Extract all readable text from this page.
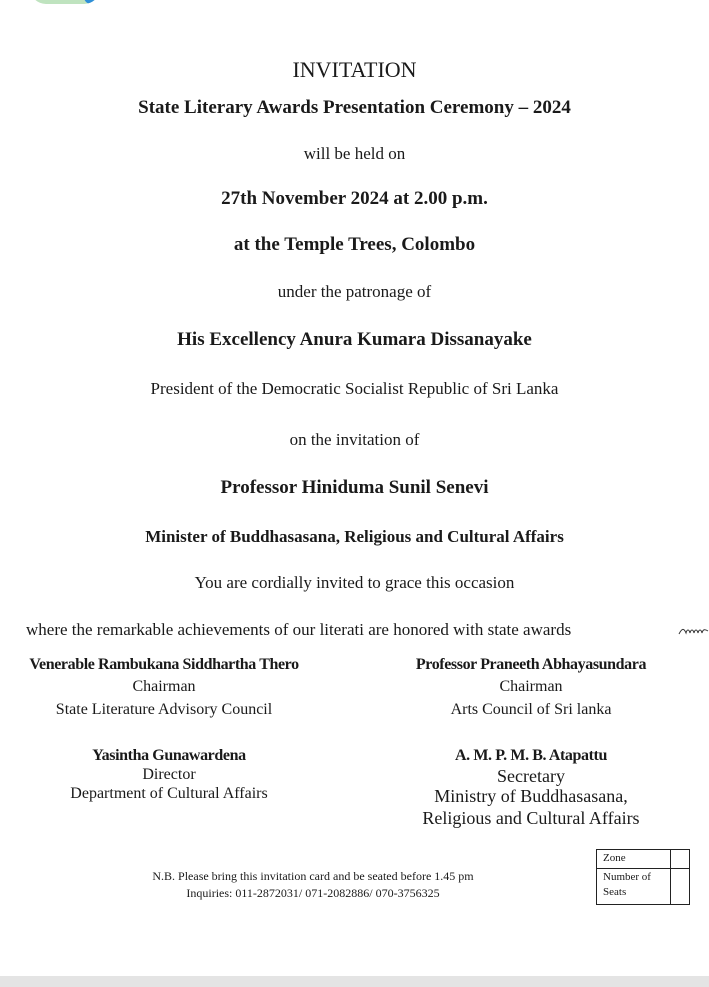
INVITATION
State Literary Awards Presentation Ceremony – 2024
will be held on
27th November 2024 at 2.00 p.m.
at the Temple Trees, Colombo
under the patronage of
His Excellency Anura Kumara Dissanayake
President of the Democratic Socialist Republic of Sri Lanka
on the invitation of
Professor Hiniduma Sunil Senevi
Minister of Buddhasasana, Religious and Cultural Affairs
You are cordially invited to grace this occasion
where the remarkable achievements of our literati are honored with state awards
Venerable Rambukana Siddhartha Thero
Chairman
State Literature Advisory Council
Professor Praneeth Abhayasundara
Chairman
Arts Council of Sri lanka
Yasintha Gunawardena
Director
Department of Cultural Affairs
A. M. P. M. B. Atapattu
Secretary
Ministry of Buddhasasana,
Religious and Cultural Affairs
N.B. Please bring this invitation card and be seated before 1.45 pm
Inquiries: 011-2872031/ 071-2082886/ 070-3756325
Zone	
Number of
Seats	
